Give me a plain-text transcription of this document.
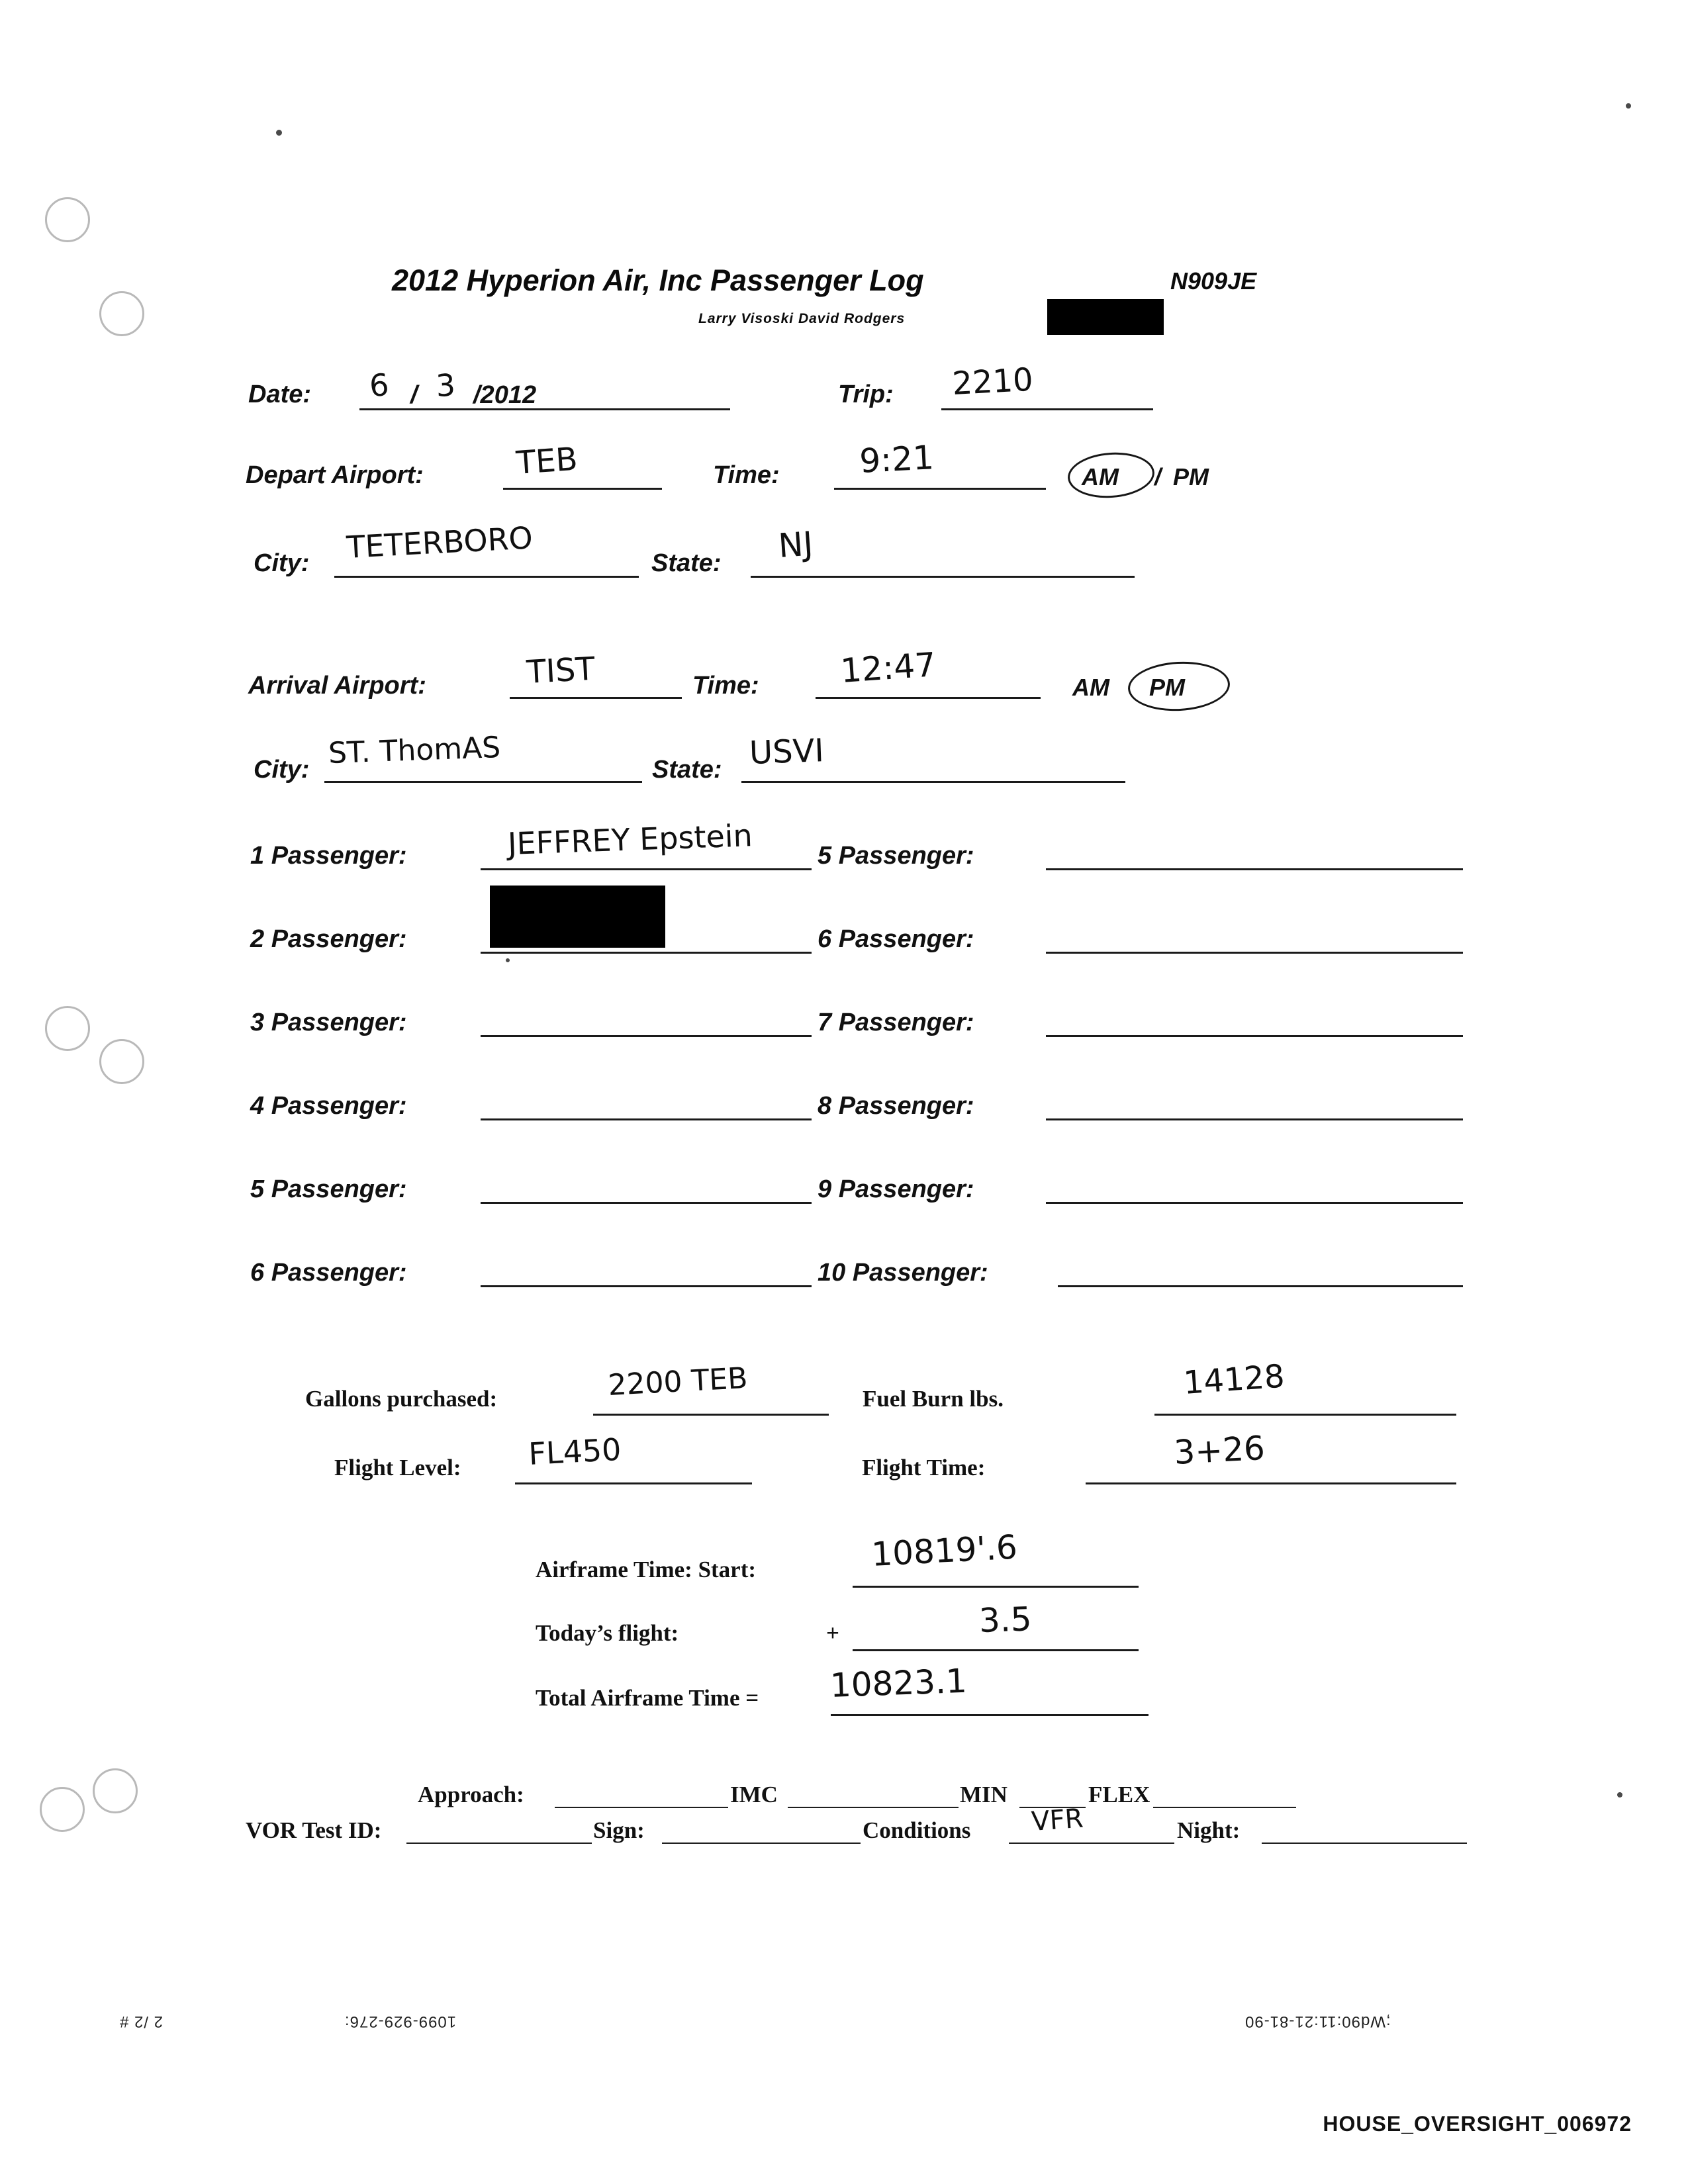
2012 Hyperion Air, Inc Passenger Log	N909JE
Larry Visoski David Rodgers
Date: 6 / 3 /2012	Trip: 2210
Depart Airport:	TEB	Time: 9:21	AM / PM
City: TETERBORO	State: NJ
Arrival Airport:	TIST	Time: 12:47	AM PM
City: ST. ThomAS	State: USVI
1 Passenger:	JEFFREY Epstein
2 Passenger:
3 Passenger:
4 Passenger:
5 Passenger:
6 Passenger:
5 Passenger:
6 Passenger:
7 Passenger:
8 Passenger:
9 Passenger:
10 Passenger:
Gallons purchased:	2200 TEB	Fuel Burn lbs.	14128
Flight Level: FL450	Flight Time:	3+26
Airframe Time: Start:	10819'.6
Today’s flight:	+	3.5
Total Airframe Time = 10823.1
Approach:	IMC	MIN	FLEX
VOR Test ID:	Sign:	Conditions VFR	Night:
2 /2 #	1099-929-276:	;Wd90:11:21-81-90
HOUSE_OVERSIGHT_006972
